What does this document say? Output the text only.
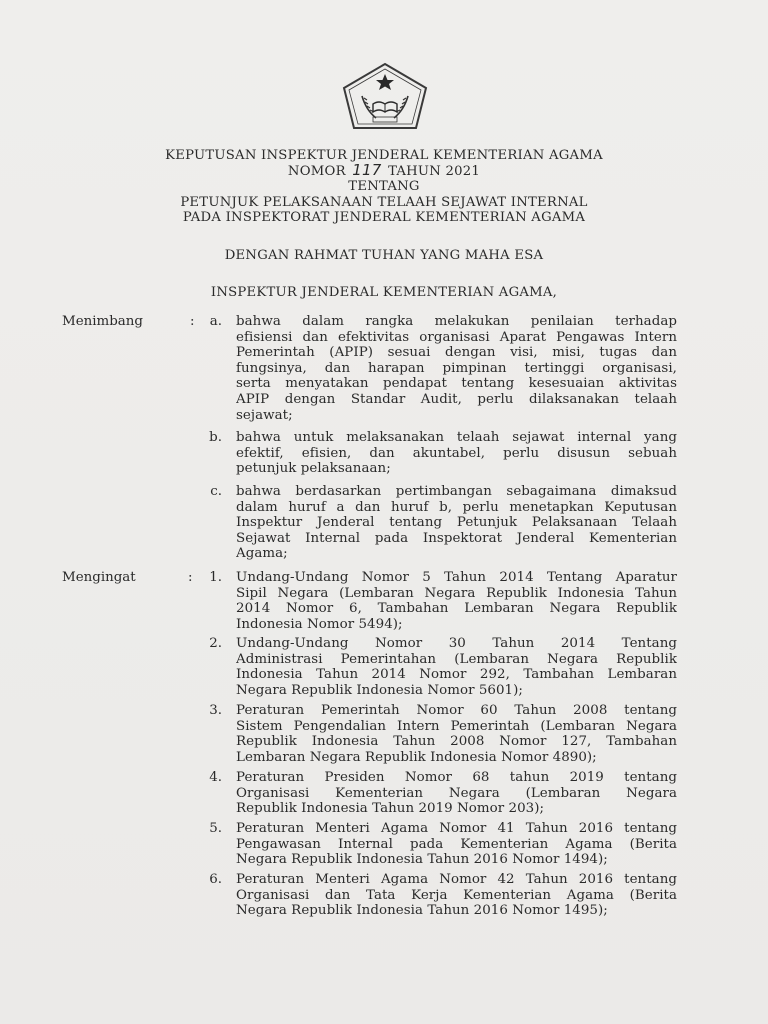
KEPUTUSAN INSPEKTUR JENDERAL KEMENTERIAN AGAMA
NOMOR 117 TAHUN 2021
TENTANG
PETUNJUK PELAKSANAAN TELAAH SEJAWAT INTERNAL
PADA INSPEKTORAT JENDERAL KEMENTERIAN AGAMA
DENGAN RAHMAT TUHAN YANG MAHA ESA
INSPEKTUR JENDERAL KEMENTERIAN AGAMA,
Menimbang	:	a. bahwa dalam rangka melakukan penilaian terhadap
efisiensi dan efektivitas organisasi Aparat Pengawas Intern
Pemerintah (APIP) sesuai dengan visi, misi, tugas dan
fungsinya, dan harapan pimpinan tertinggi organisasi,
serta menyatakan pendapat tentang kesesuaian aktivitas
APIP dengan Standar Audit, perlu dilaksanakan telaah
sejawat;
b. bahwa untuk melaksanakan telaah sejawat internal yang
efektif, efisien, dan akuntabel, perlu disusun sebuah
petunjuk pelaksanaan;
c. bahwa berdasarkan pertimbangan sebagaimana dimaksud
dalam huruf a dan huruf b, perlu menetapkan Keputusan
Inspektur Jenderal tentang Petunjuk Pelaksanaan Telaah
Sejawat Internal pada Inspektorat Jenderal Kementerian
Agama;
Mengingat	:	1. Undang-Undang Nomor 5 Tahun 2014 Tentang Aparatur
Sipil Negara (Lembaran Negara Republik Indonesia Tahun
2014 Nomor 6, Tambahan Lembaran Negara Republik
Indonesia Nomor 5494);
2. Undang-Undang Nomor 30 Tahun 2014 Tentang
Administrasi Pemerintahan (Lembaran Negara Republik
Indonesia Tahun 2014 Nomor 292, Tambahan Lembaran
Negara Republik Indonesia Nomor 5601);
3. Peraturan Pemerintah Nomor 60 Tahun 2008 tentang
Sistem Pengendalian Intern Pemerintah (Lembaran Negara
Republik Indonesia Tahun 2008 Nomor 127, Tambahan
Lembaran Negara Republik Indonesia Nomor 4890);
4. Peraturan Presiden Nomor 68 tahun 2019 tentang
Organisasi Kementerian Negara (Lembaran Negara
Republik Indonesia Tahun 2019 Nomor 203);
5. Peraturan Menteri Agama Nomor 41 Tahun 2016 tentang
Pengawasan Internal pada Kementerian Agama (Berita
Negara Republik Indonesia Tahun 2016 Nomor 1494);
6. Peraturan Menteri Agama Nomor 42 Tahun 2016 tentang
Organisasi dan Tata Kerja Kementerian Agama (Berita
Negara Republik Indonesia Tahun 2016 Nomor 1495);
